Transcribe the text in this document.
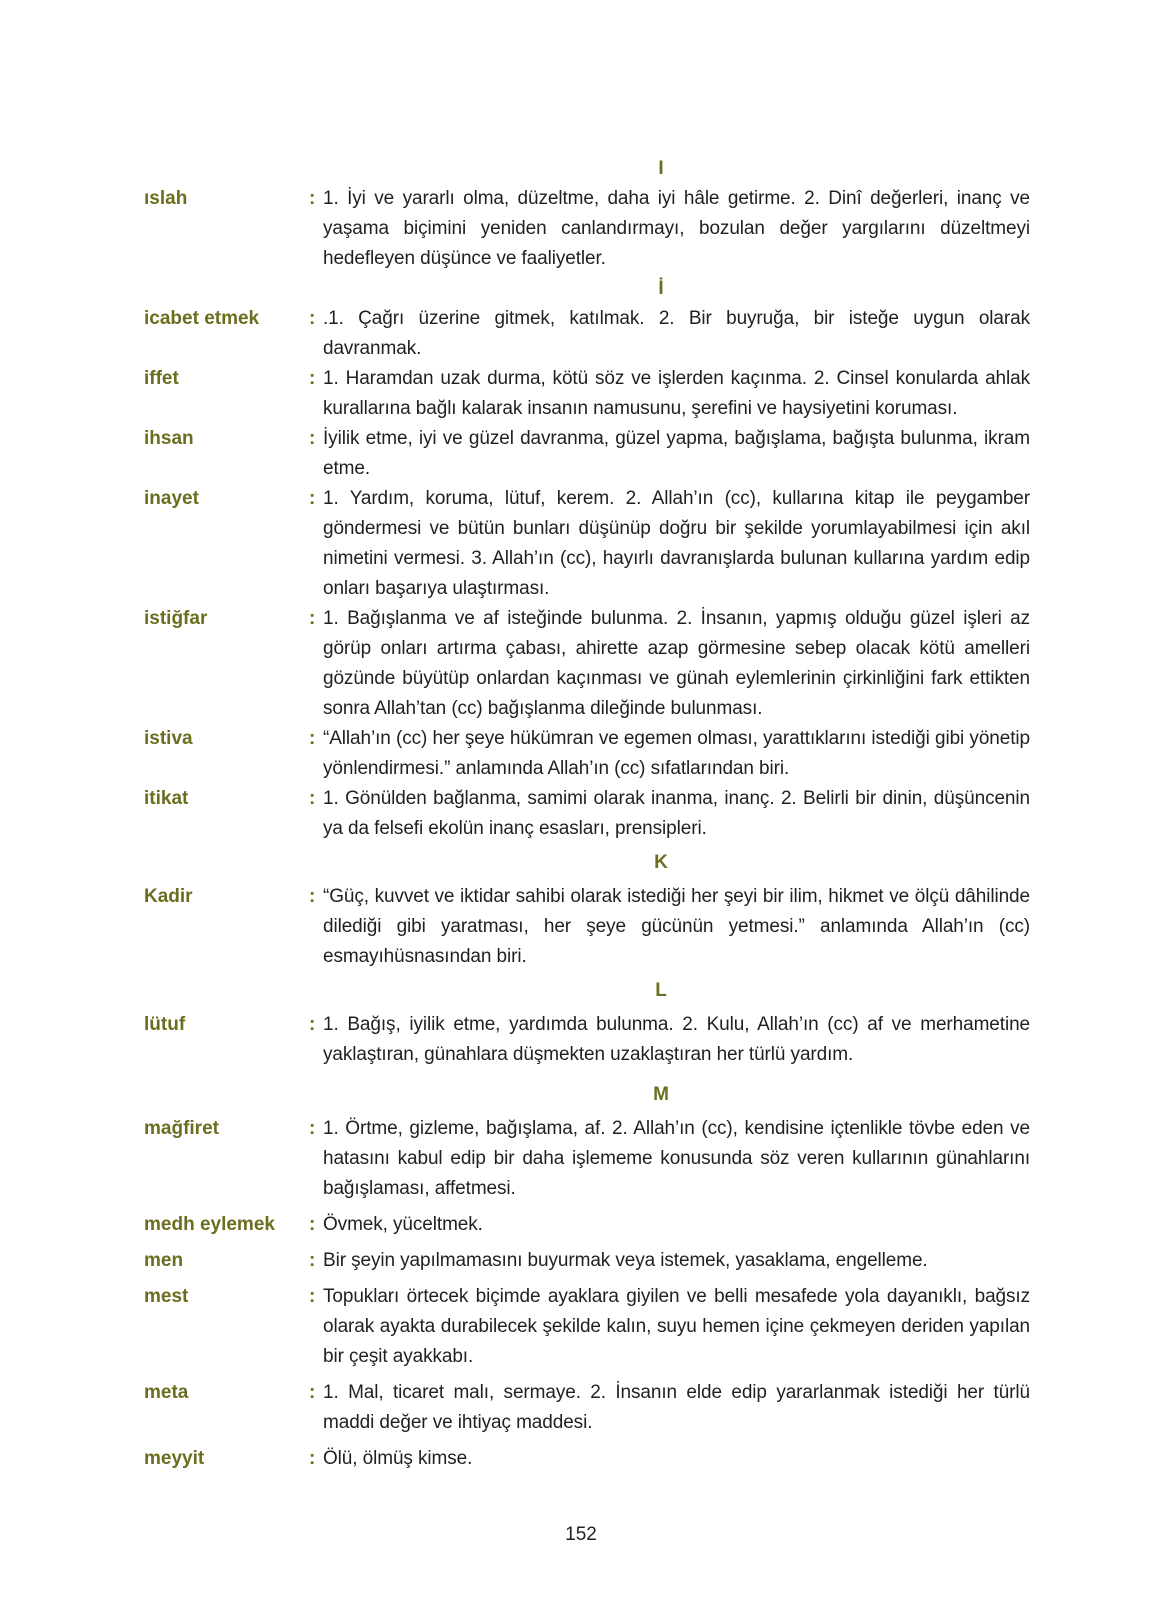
I
ıslah	: 1. İyi ve yararlı olma, düzeltme, daha iyi hâle getirme. 2. Dinî değerleri, inanç ve yaşama biçimini yeniden canlandırmayı, bozulan değer yargılarını düzeltmeyi hedefleyen düşünce ve faaliyetler.
İ
icabet etmek	: .1. Çağrı üzerine gitmek, katılmak. 2. Bir buyruğa, bir isteğe uygun olarak davranmak.
iffet	: 1. Haramdan uzak durma, kötü söz ve işlerden kaçınma. 2. Cinsel konularda ahlak kurallarına bağlı kalarak insanın namusunu, şerefini ve haysiyetini koruması.
ihsan	: İyilik etme, iyi ve güzel davranma, güzel yapma, bağışlama, bağışta bulunma, ikram etme.
inayet	: 1. Yardım, koruma, lütuf, kerem. 2. Allah’ın (cc), kullarına kitap ile peygamber göndermesi ve bütün bunları düşünüp doğru bir şekilde yorumlayabilmesi için akıl nimetini vermesi. 3. Allah’ın (cc), hayırlı davranışlarda bulunan kullarına yardım edip onları başarıya ulaştırması.
istiğfar	: 1. Bağışlanma ve af isteğinde bulunma. 2. İnsanın, yapmış olduğu güzel işleri az görüp onları artırma çabası, ahirette azap görmesine sebep olacak kötü amelleri gözünde büyütüp onlardan kaçınması ve günah eylemlerinin çirkinliğini fark ettikten sonra Allah’tan (cc) bağışlanma dileğinde bulunması.
istiva	: “Allah’ın (cc) her şeye hükümran ve egemen olması, yarattıklarını istediği gibi yönetip yönlendirmesi.” anlamında Allah’ın (cc) sıfatlarından biri.
itikat	: 1. Gönülden bağlanma, samimi olarak inanma, inanç. 2. Belirli bir dinin, düşüncenin ya da felsefi ekolün inanç esasları, prensipleri.
K
Kadir	: “Güç, kuvvet ve iktidar sahibi olarak istediği her şeyi bir ilim, hikmet ve ölçü dâhilinde dilediği gibi yaratması, her şeye gücünün yetmesi.” anlamında Allah’ın (cc) esmayıhüsnasından biri.
L
lütuf	: 1. Bağış, iyilik etme, yardımda bulunma. 2. Kulu, Allah’ın (cc) af ve merhametine yaklaştıran, günahlara düşmekten uzaklaştıran her türlü yardım.
M
mağfiret	: 1. Örtme, gizleme, bağışlama, af. 2. Allah’ın (cc), kendisine içtenlikle tövbe eden ve hatasını kabul edip bir daha işlememe konusunda söz veren kullarının günahlarını bağışlaması, affetmesi.
medh eylemek	: Övmek, yüceltmek.
men	: Bir şeyin yapılmamasını buyurmak veya istemek, yasaklama, engelleme.
mest	: Topukları örtecek biçimde ayaklara giyilen ve belli mesafede yola dayanıklı, bağsız olarak ayakta durabilecek şekilde kalın, suyu hemen içine çekmeyen deriden yapılan bir çeşit ayakkabı.
meta	: 1. Mal, ticaret malı, sermaye. 2. İnsanın elde edip yararlanmak istediği her türlü maddi değer ve ihtiyaç maddesi.
meyyit	: Ölü, ölmüş kimse.
152
